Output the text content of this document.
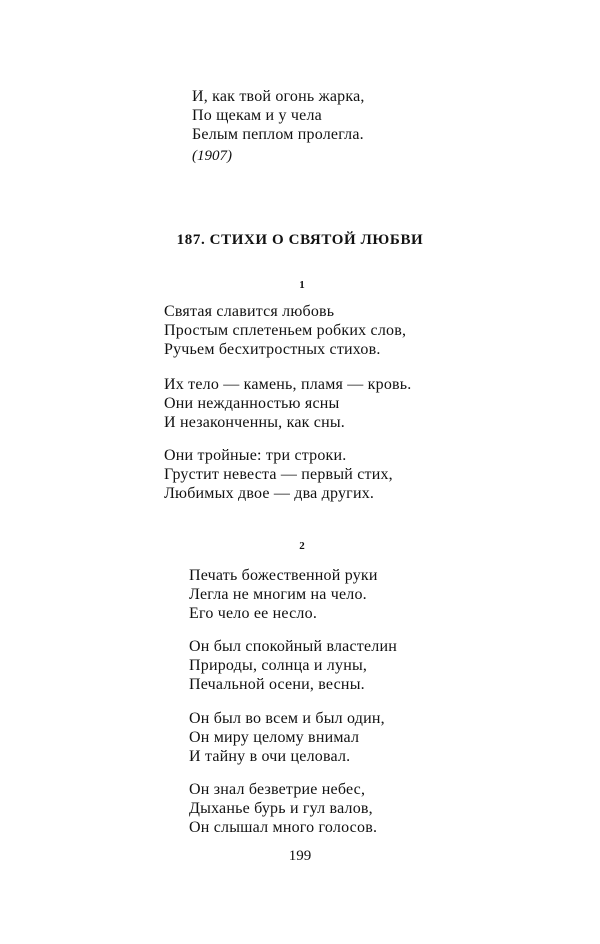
И, как твой огонь жарка,
По щекам и у чела
Белым пеплом пролегла.
(1907)
187. СТИХИ О СВЯТОЙ ЛЮБВИ
1
Святая славится любовь
Простым сплетеньем робких слов,
Ручьем бесхитростных стихов.
Их тело — камень, пламя — кровь.
Они нежданностью ясны
И незаконченны, как сны.
Они тройные: три строки.
Грустит невеста — первый стих,
Любимых двое — два других.
2
Печать божественной руки
Легла не многим на чело.
Его чело ее несло.
Он был спокойный властелин
Природы, солнца и луны,
Печальной осени, весны.
Он был во всем и был один,
Он миру целому внимал
И тайну в очи целовал.
Он знал безветрие небес,
Дыханье бурь и гул валов,
Он слышал много голосов.
199
